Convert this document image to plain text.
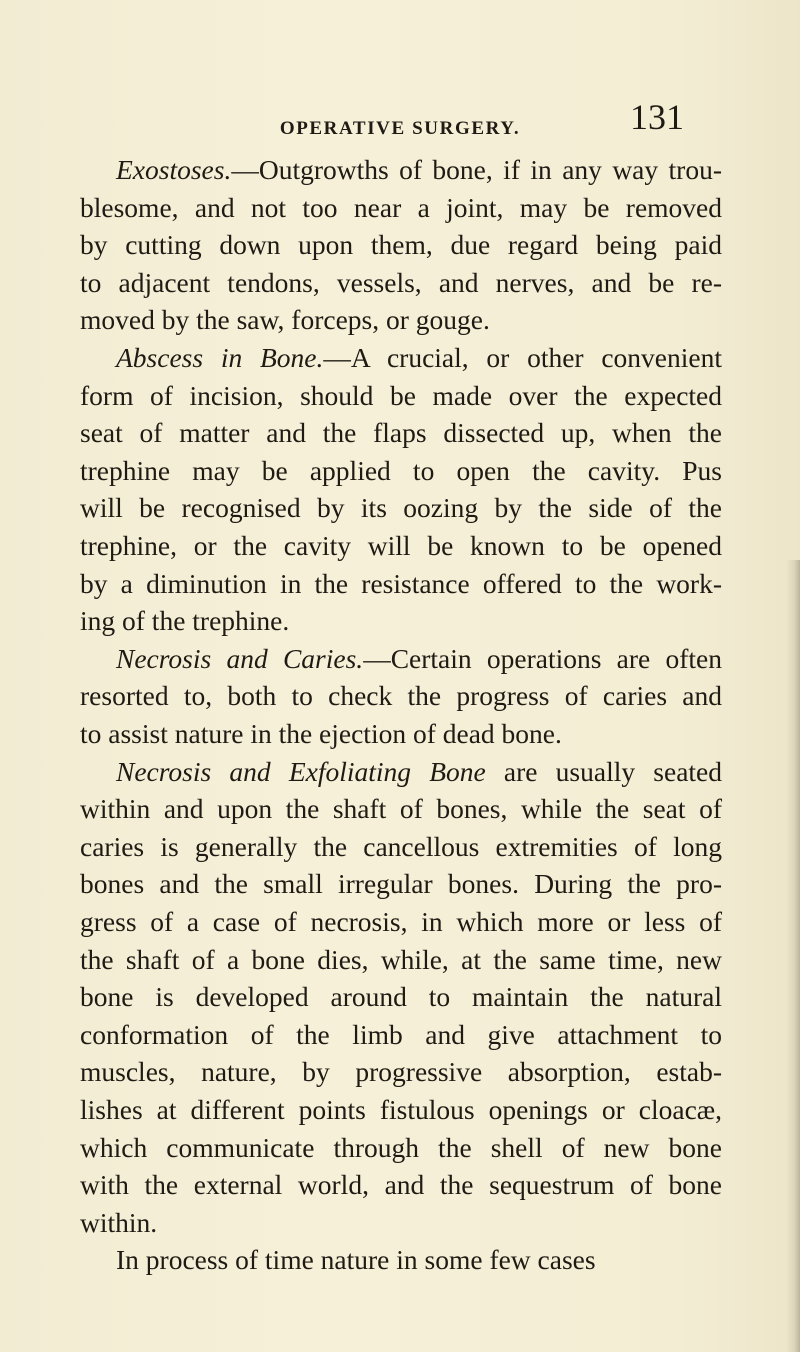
OPERATIVE SURGERY.	131
Exostoses.—Outgrowths of bone, if in any way trou-
blesome, and not too near a joint, may be removed
by cutting down upon them, due regard being paid
to adjacent tendons, vessels, and nerves, and be re-
moved by the saw, forceps, or gouge.
Abscess in Bone.—A crucial, or other convenient
form of incision, should be made over the expected
seat of matter and the flaps dissected up, when the
trephine may be applied to open the cavity. Pus
will be recognised by its oozing by the side of the
trephine, or the cavity will be known to be opened
by a diminution in the resistance offered to the work-
ing of the trephine.
Necrosis and Caries.—Certain operations are often
resorted to, both to check the progress of caries and
to assist nature in the ejection of dead bone.
Necrosis and Exfoliating Bone are usually seated
within and upon the shaft of bones, while the seat of
caries is generally the cancellous extremities of long
bones and the small irregular bones. During the pro-
gress of a case of necrosis, in which more or less of
the shaft of a bone dies, while, at the same time, new
bone is developed around to maintain the natural
conformation of the limb and give attachment to
muscles, nature, by progressive absorption, estab-
lishes at different points fistulous openings or cloacæ,
which communicate through the shell of new bone
with the external world, and the sequestrum of bone
within.
In process of time nature in some few cases
